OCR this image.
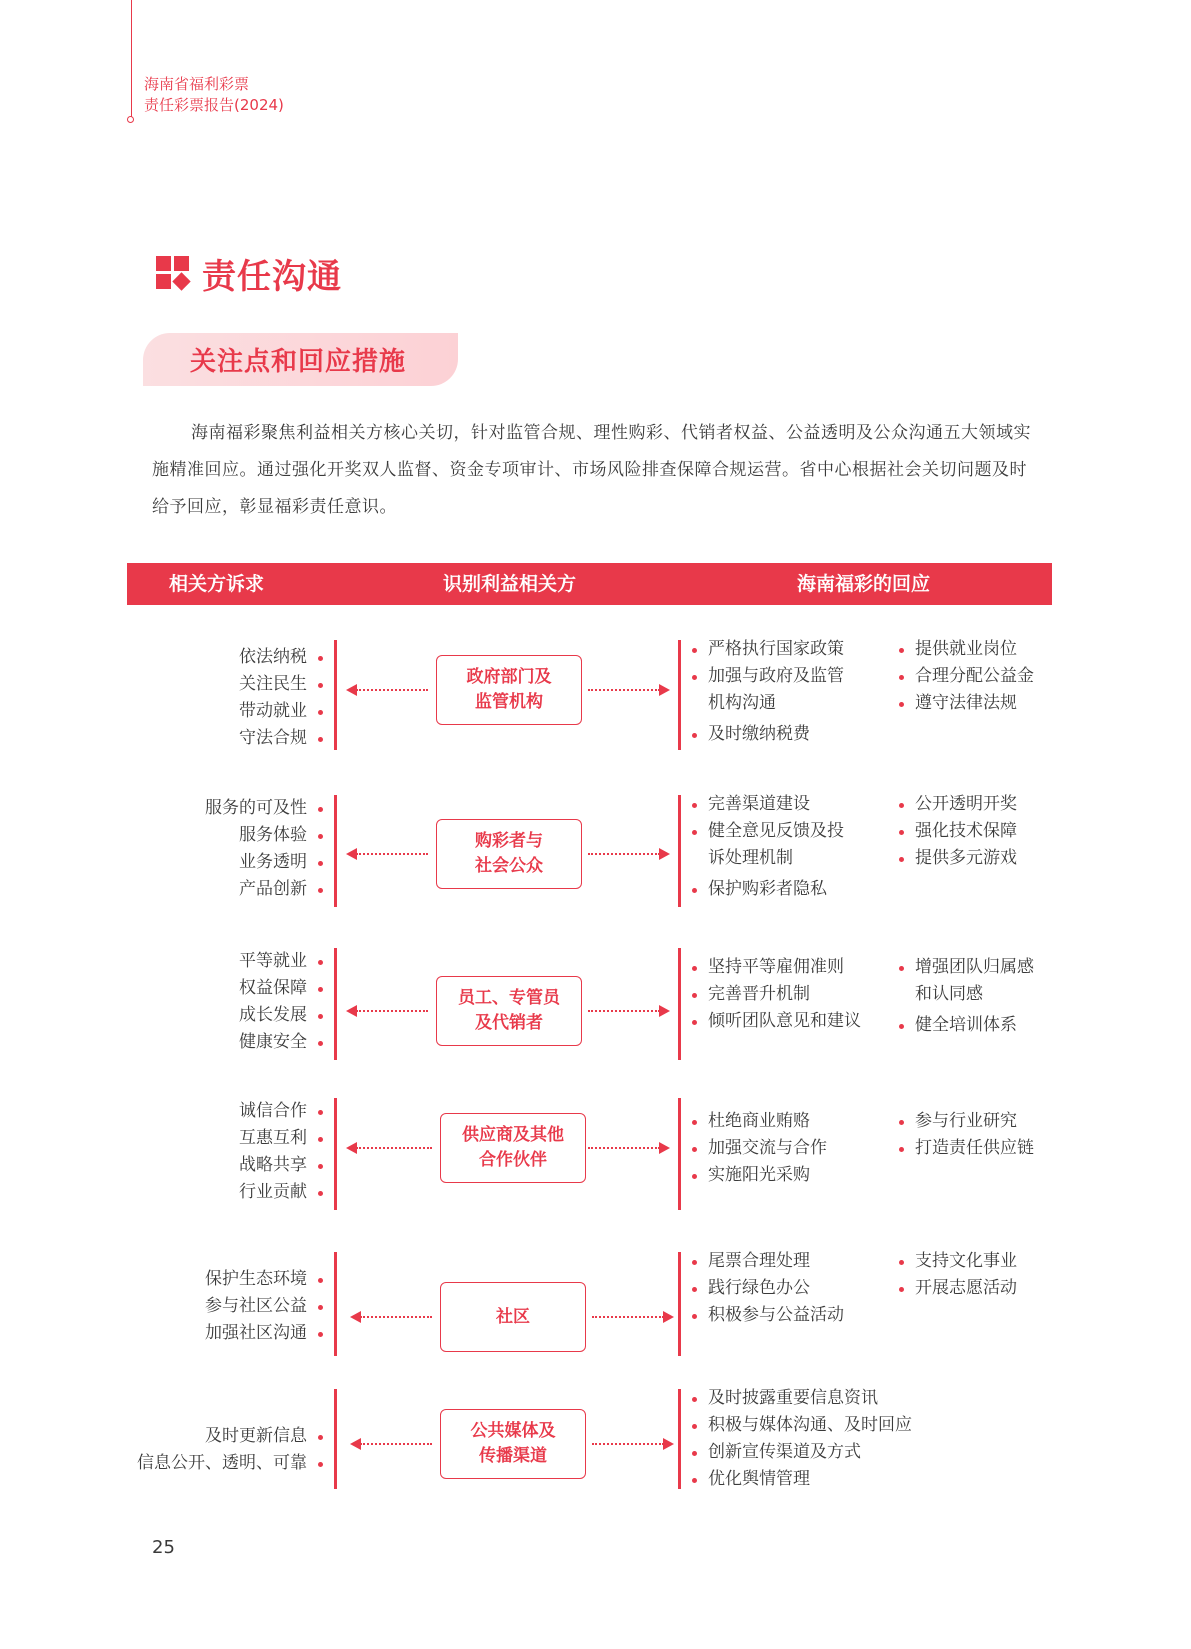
海南省福利彩票
责任彩票报告(2024)
责任沟通
关注点和回应措施

海南福彩聚焦利益相关方核心关切，针对监管合规、理性购彩、代销者权益、公益透明及公众沟通五大领域实施精准回应。通过强化开奖双人监督、资金专项审计、市场风险排查保障合规运营。省中心根据社会关切问题及时给予回应，彰显福彩责任意识。

相关方诉求	识别利益相关方	海南福彩的回应
依法纳税
关注民生
带动就业
守法合规
政府部门及
监管机构
严格执行国家政策
加强与政府及监管
机构沟通
及时缴纳税费
提供就业岗位
合理分配公益金
遵守法律法规
服务的可及性
服务体验
业务透明
产品创新
购彩者与
社会公众
完善渠道建设
健全意见反馈及投
诉处理机制
保护购彩者隐私
公开透明开奖
强化技术保障
提供多元游戏
平等就业
权益保障
成长发展
健康安全
员工、专管员
及代销者
坚持平等雇佣准则
完善晋升机制
倾听团队意见和建议
增强团队归属感
和认同感
健全培训体系
诚信合作
互惠互利
战略共享
行业贡献
供应商及其他
合作伙伴
杜绝商业贿赂
加强交流与合作
实施阳光采购
参与行业研究
打造责任供应链
保护生态环境
参与社区公益
加强社区沟通
社区
尾票合理处理
践行绿色办公
积极参与公益活动
支持文化事业
开展志愿活动
及时更新信息
信息公开、透明、可靠
公共媒体及
传播渠道
及时披露重要信息资讯
积极与媒体沟通、及时回应
创新宣传渠道及方式
优化舆情管理
25
